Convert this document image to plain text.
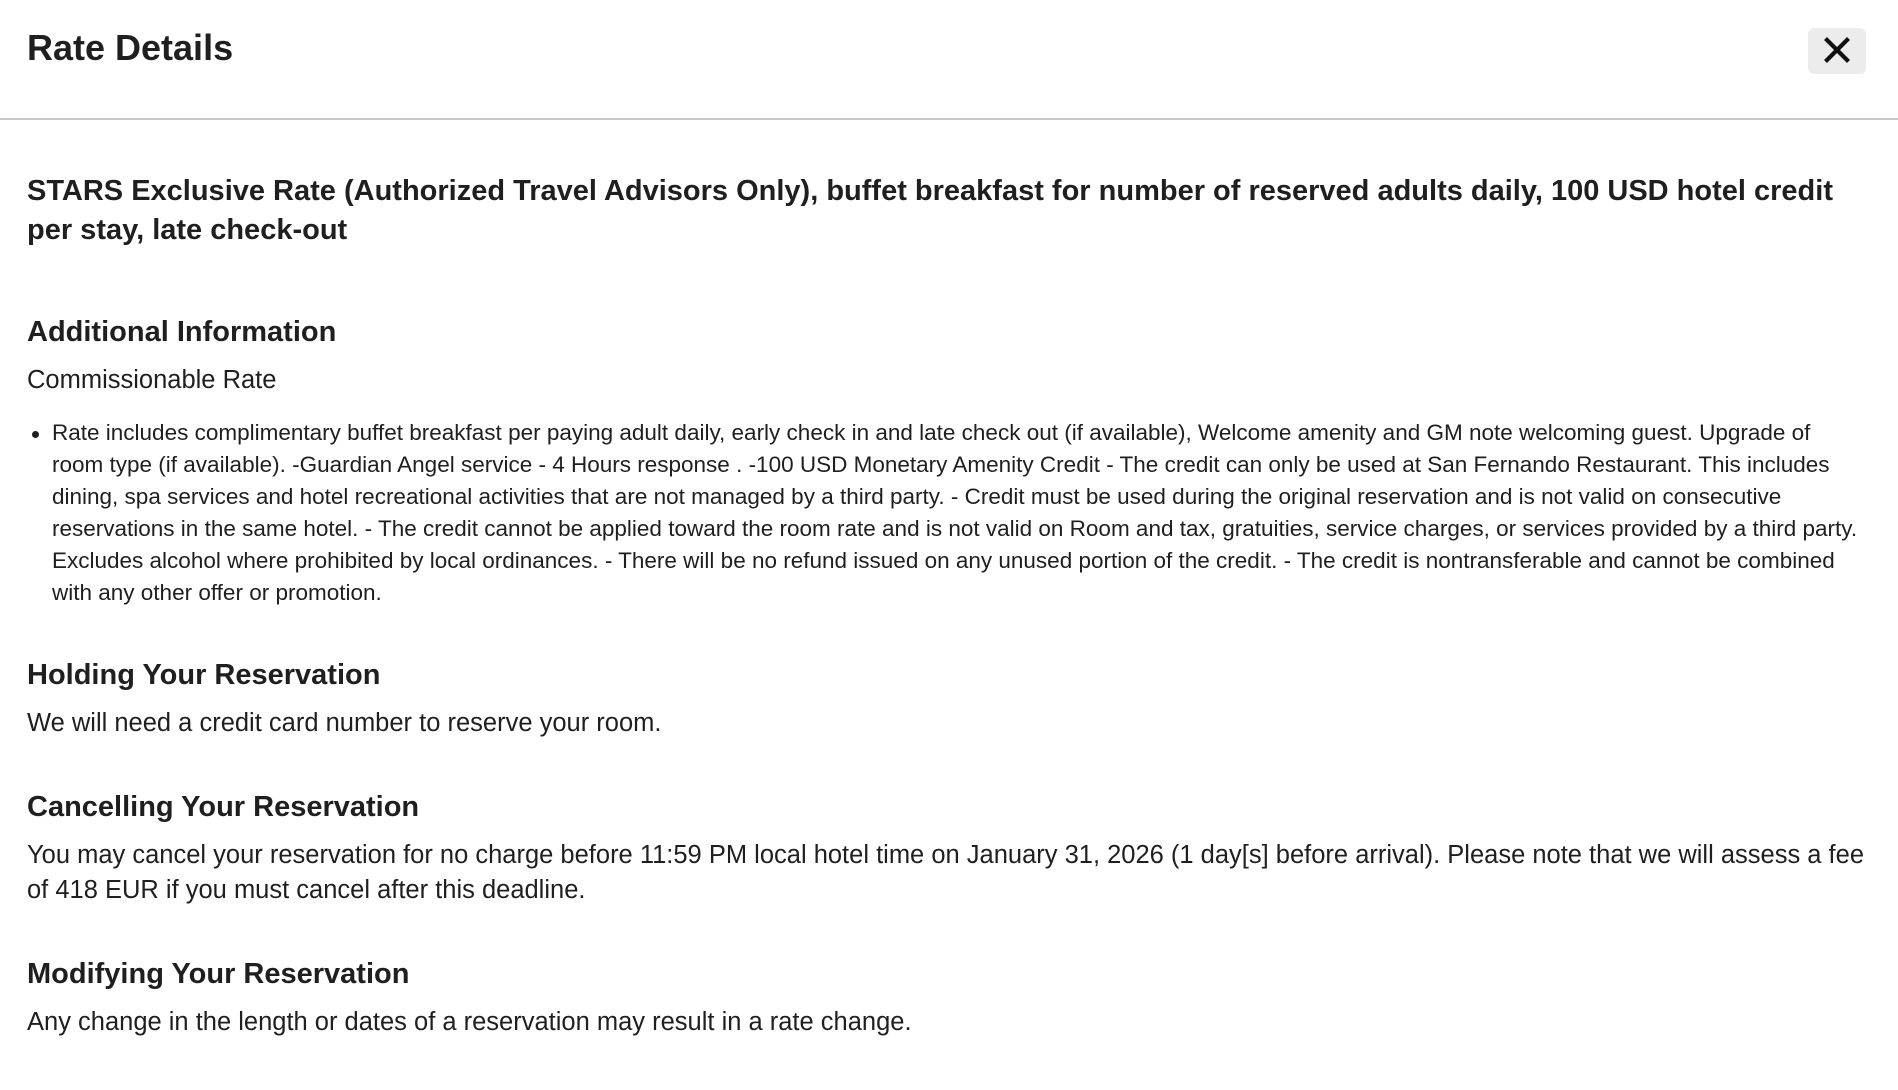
Rate Details
STARS Exclusive Rate (Authorized Travel Advisors Only), buffet breakfast for number of reserved adults daily, 100 USD hotel credit per stay, late check-out
Additional Information

Commissionable Rate

Rate includes complimentary buffet breakfast per paying adult daily, early check in and late check out (if available), Welcome amenity and GM note welcoming guest. Upgrade of room type (if available). -Guardian Angel service - 4 Hours response . -100 USD Monetary Amenity Credit - The credit can only be used at San Fernando Restaurant. This includes dining, spa services and hotel recreational activities that are not managed by a third party. - Credit must be used during the original reservation and is not valid on consecutive reservations in the same hotel. - The credit cannot be applied toward the room rate and is not valid on Room and tax, gratuities, service charges, or services provided by a third party. Excludes alcohol where prohibited by local ordinances. - There will be no refund issued on any unused portion of the credit. - The credit is nontransferable and cannot be combined with any other offer or promotion.
Holding Your Reservation

We will need a credit card number to reserve your room.

Cancelling Your Reservation

You may cancel your reservation for no charge before 11:59 PM local hotel time on January 31, 2026 (1 day[s] before arrival). Please note that we will assess a fee of 418 EUR if you must cancel after this deadline.

Modifying Your Reservation

Any change in the length or dates of a reservation may result in a rate change.
